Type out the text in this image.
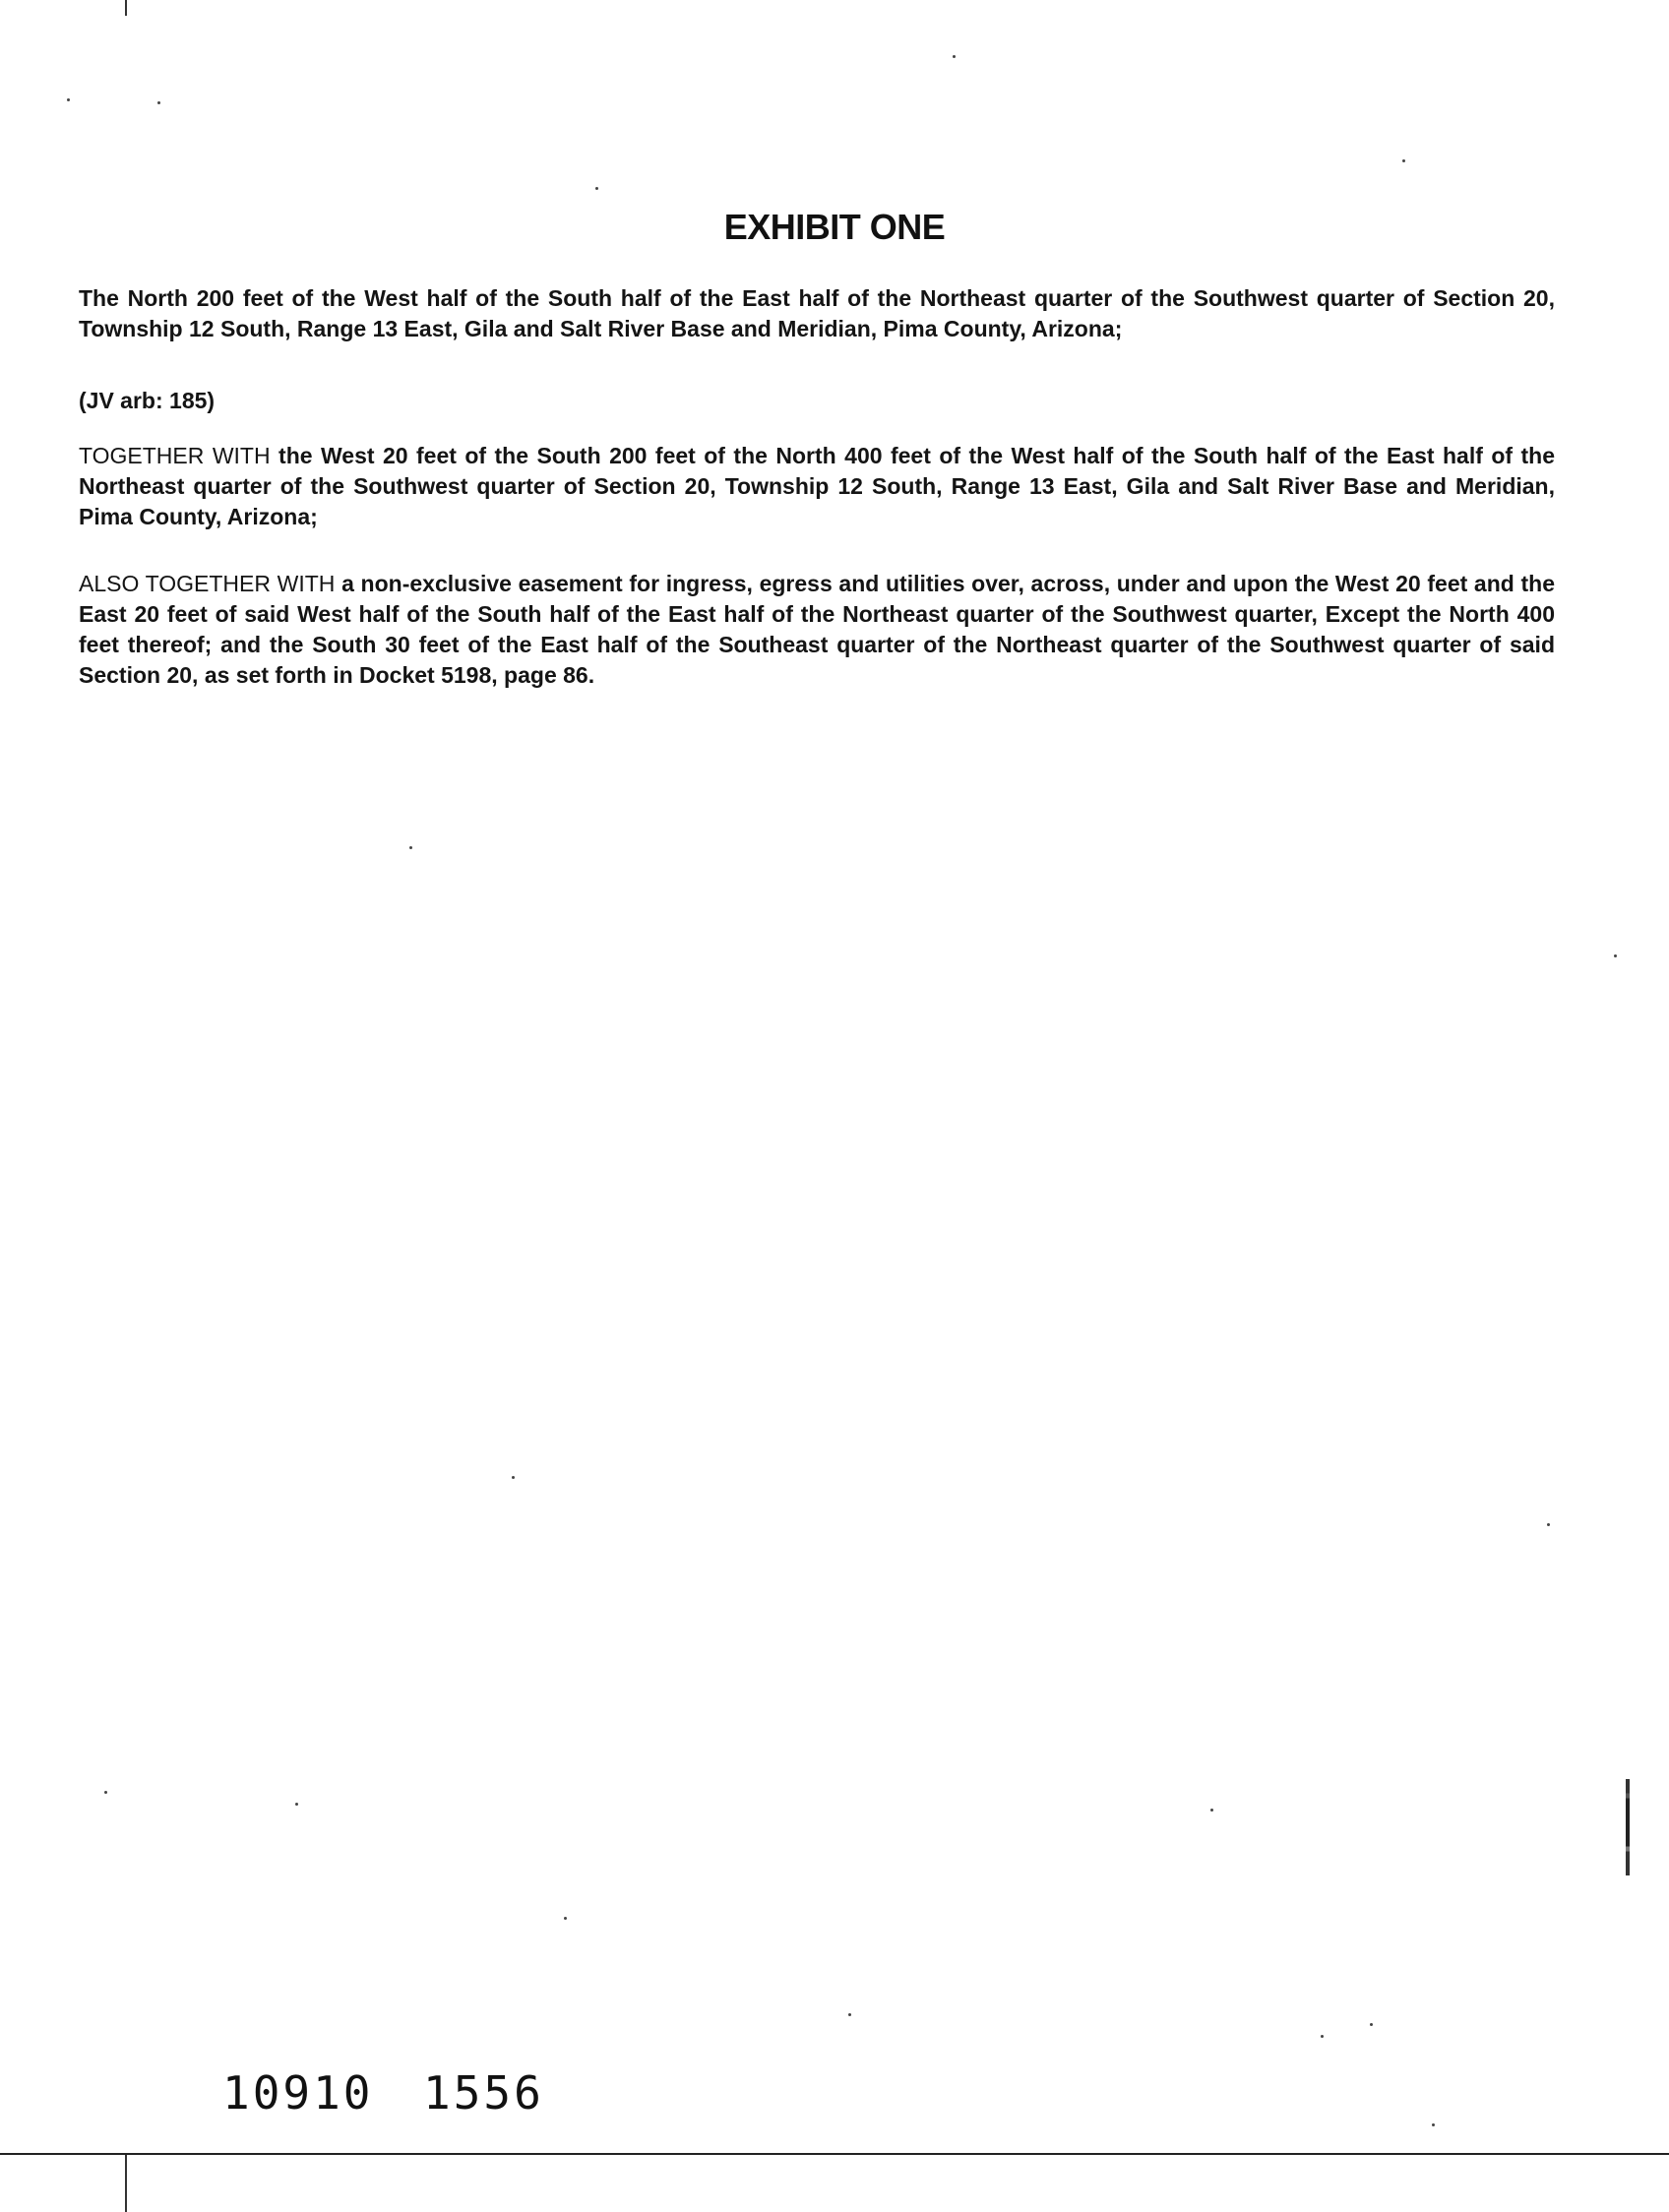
EXHIBIT ONE
The North 200 feet of the West half of the South half of the East half of the Northeast quarter of the Southwest quarter of Section 20, Township 12 South, Range 13 East, Gila and Salt River Base and Meridian, Pima County, Arizona;
(JV arb: 185)
TOGETHER WITH the West 20 feet of the South 200 feet of the North 400 feet of the West half of the South half of the East half of the Northeast quarter of the Southwest quarter of Section 20, Township 12 South, Range 13 East, Gila and Salt River Base and Meridian, Pima County, Arizona;
ALSO TOGETHER WITH a non-exclusive easement for ingress, egress and utilities over, across, under and upon the West 20 feet and the East 20 feet of said West half of the South half of the East half of the Northeast quarter of the Southwest quarter, Except the North 400 feet thereof; and the South 30 feet of the East half of the Southeast quarter of the Northeast quarter of the Southwest quarter of said Section 20, as set forth in Docket 5198, page 86.
10910 1556
